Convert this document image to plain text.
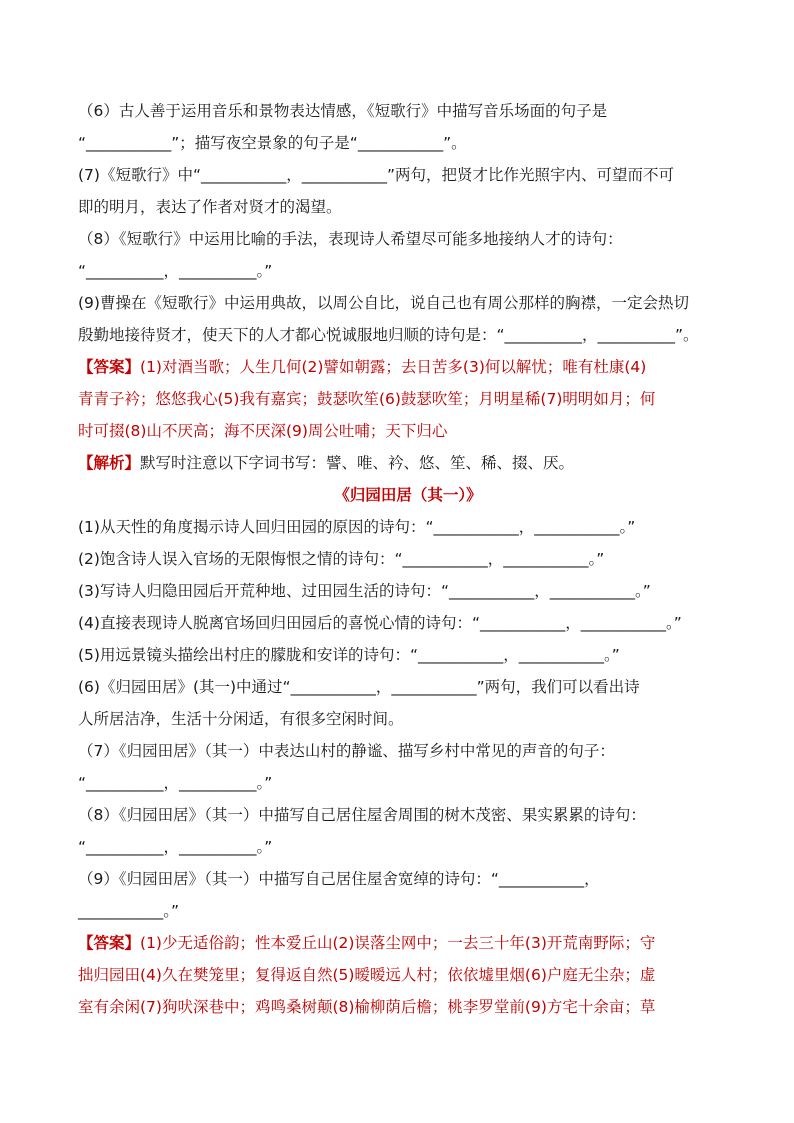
（6）古人善于运用音乐和景物表达情感，《短歌行》中描写音乐场面的句子是
“___________”；描写夜空景象的句子是“___________”。
(7)《短歌行》中“___________，___________”两句，把贤才比作光照宇内、可望而不可
即的明月，表达了作者对贤才的渴望。
（8）《短歌行》中运用比喻的手法，表现诗人希望尽可能多地接纳人才的诗句：
“__________，__________。”
(9)曹操在《短歌行》中运用典故，以周公自比，说自己也有周公那样的胸襟，一定会热切
殷勤地接待贤才，使天下的人才都心悦诚服地归顺的诗句是：“__________，__________”。
【答案】(1)对酒当歌；人生几何(2)譬如朝露；去日苦多(3)何以解忧；唯有杜康(4)
青青子衿；悠悠我心(5)我有嘉宾；鼓瑟吹笙(6)鼓瑟吹笙；月明星稀(7)明明如月；何
时可掇(8)山不厌高；海不厌深(9)周公吐哺；天下归心
【解析】默写时注意以下字词书写：譬、唯、衿、悠、笙、稀、掇、厌。
《归园田居（其一）》
(1)从天性的角度揭示诗人回归田园的原因的诗句：“___________，___________。”
(2)饱含诗人误入官场的无限悔恨之情的诗句：“___________，___________。”
(3)写诗人归隐田园后开荒种地、过田园生活的诗句：“___________，___________。”
(4)直接表现诗人脱离官场回归田园后的喜悦心情的诗句：“___________，___________。”
(5)用远景镜头描绘出村庄的朦胧和安详的诗句：“___________，___________。”
(6)《归园田居》(其一)中通过“___________，___________”两句，我们可以看出诗
人所居洁净，生活十分闲适，有很多空闲时间。
（7）《归园田居》（其一）中表达山村的静谧、描写乡村中常见的声音的句子：
“__________，__________。”
（8）《归园田居》（其一）中描写自己居住屋舍周围的树木茂密、果实累累的诗句：
“__________，__________。”
（9）《归园田居》（其一）中描写自己居住屋舍宽绰的诗句：“___________，
___________。”
【答案】(1)少无适俗韵；性本爱丘山(2)误落尘网中；一去三十年(3)开荒南野际；守
拙归园田(4)久在樊笼里；复得返自然(5)暧暧远人村；依依墟里烟(6)户庭无尘杂；虚
室有余闲(7)狗吠深巷中；鸡鸣桑树颠(8)榆柳荫后檐；桃李罗堂前(9)方宅十余亩；草
